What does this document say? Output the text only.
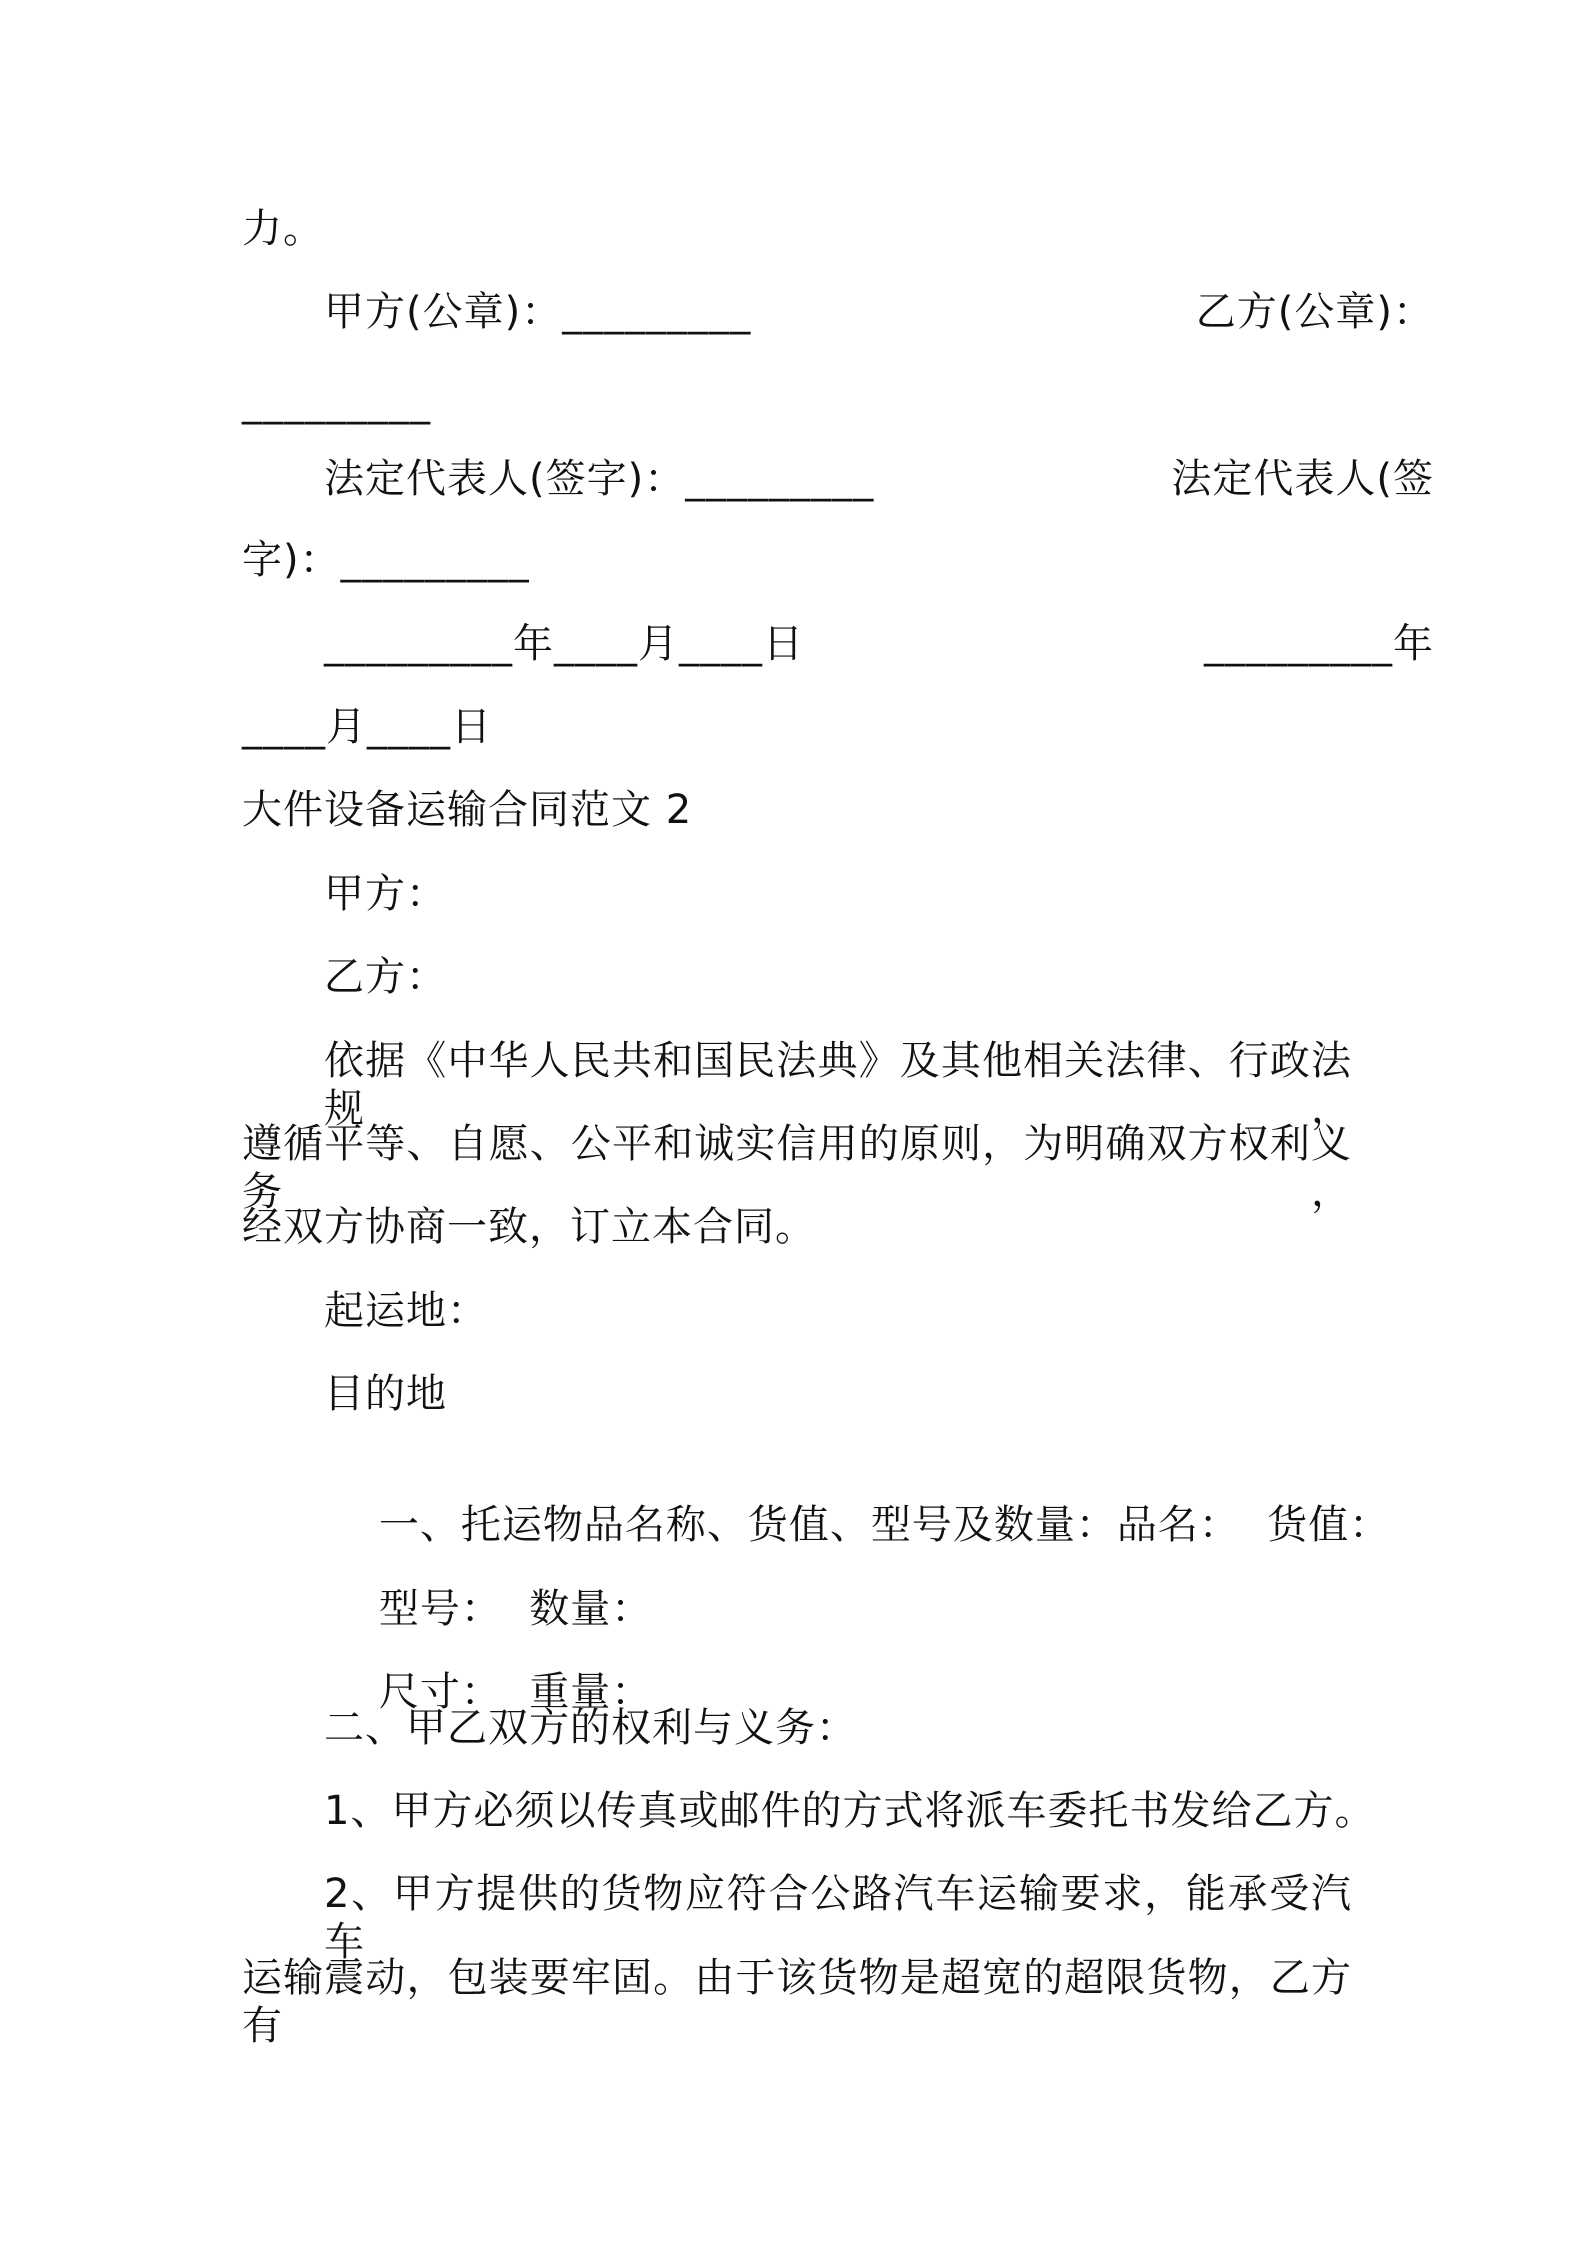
力。
甲方(公章)：_________	乙方(公章)：
_________
法定代表人(签字)：_________	法定代表人(签
字)：_________
_________年____月____日	_________年
____月____日
大件设备运输合同范文 2
甲方：
乙方：
依据《中华人民共和国民法典》及其他相关法律、行政法规，
遵循平等、自愿、公平和诚实信用的原则，为明确双方权利义务，
经双方协商一致，订立本合同。
起运地：
目的地

一、托运物品名称、货值、型号及数量：品名：  货值：

型号：  数量：

尺寸：  重量：

二、甲乙双方的权利与义务：
1、甲方必须以传真或邮件的方式将派车委托书发给乙方。
2、甲方提供的货物应符合公路汽车运输要求，能承受汽车
运输震动，包装要牢固。由于该货物是超宽的超限货物，乙方有
